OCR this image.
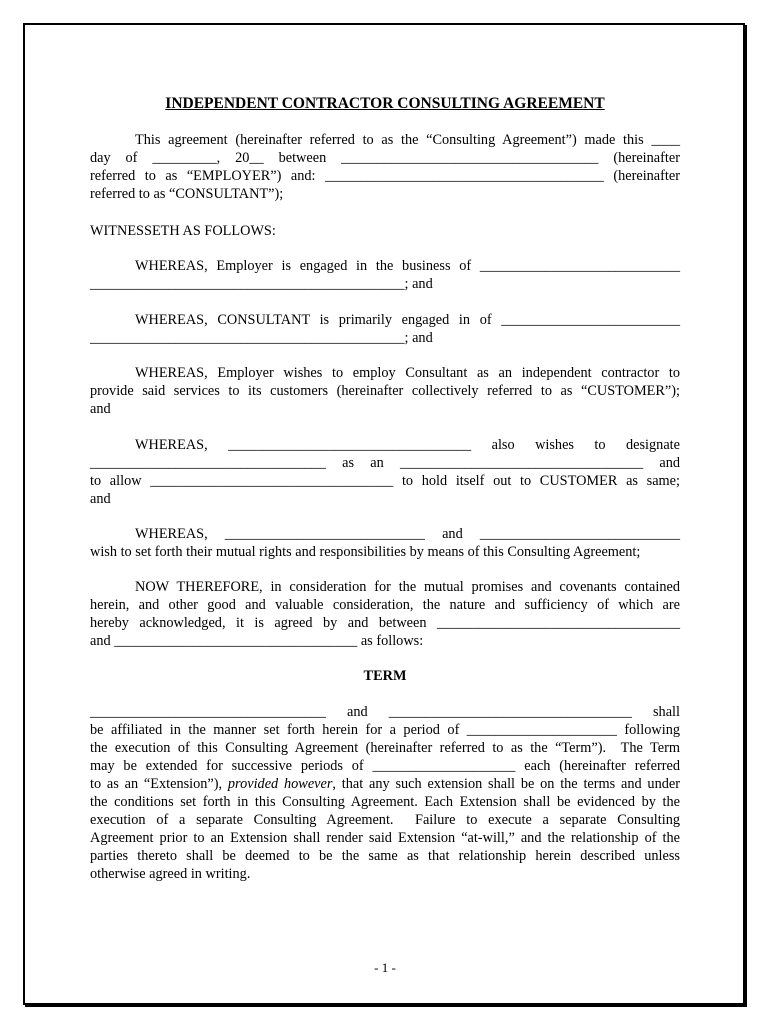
INDEPENDENT CONTRACTOR CONSULTING AGREEMENT
This agreement (hereinafter referred to as the “Consulting Agreement”) made this ____
day of _________, 20__ between ____________________________________ (hereinafter
referred to as “EMPLOYER”) and: _______________________________________ (hereinafter
referred to as “CONSULTANT”);
WITNESSETH AS FOLLOWS:
WHEREAS, Employer is engaged in the business of ____________________________
____________________________________________; and
WHEREAS, CONSULTANT is primarily engaged in of _________________________
____________________________________________; and
WHEREAS, Employer wishes to employ Consultant as an independent contractor to
provide said services to its customers (hereinafter collectively referred to as “CUSTOMER”);
and
WHEREAS,  __________________________________  also  wishes  to  designate
_________________________________ as an __________________________________ and
to allow __________________________________ to hold itself out to CUSTOMER as same;
and
WHEREAS, ____________________________ and ____________________________
wish to set forth their mutual rights and responsibilities by means of this Consulting Agreement;
NOW THEREFORE, in consideration for the mutual promises and covenants contained
herein, and other good and valuable consideration, the nature and sufficiency of which are
hereby acknowledged, it is agreed by and between __________________________________
and __________________________________ as follows:
TERM
_________________________________ and __________________________________ shall
be affiliated in the manner set forth herein for a period of _____________________ following
the execution of this Consulting Agreement (hereinafter referred to as the “Term”).  The Term
may be extended for successive periods of ____________________ each (hereinafter referred
to as an “Extension”), provided however, that any such extension shall be on the terms and under
the conditions set forth in this Consulting Agreement. Each Extension shall be evidenced by the
execution of a separate Consulting Agreement.  Failure to execute a separate Consulting
Agreement prior to an Extension shall render said Extension “at-will,” and the relationship of the
parties thereto shall be deemed to be the same as that relationship herein described unless
otherwise agreed in writing.
- 1 -
